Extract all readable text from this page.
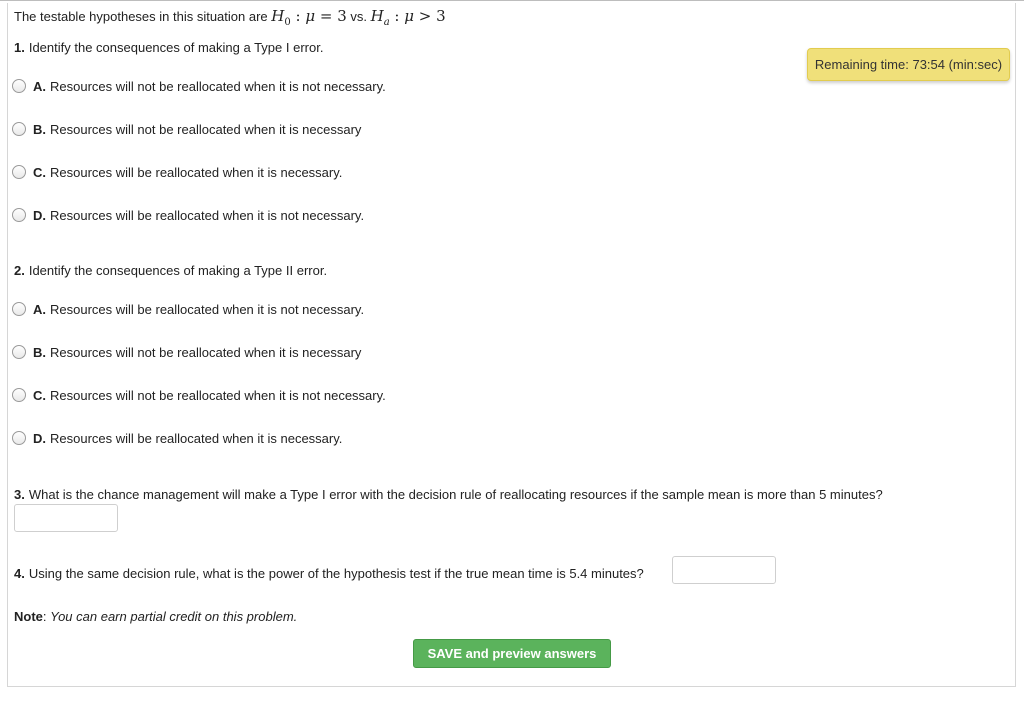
The testable hypotheses in this situation are $H_0$ : μ = 3 vs. $H_a$ : μ > 3
Remaining time: 73:54 (min:sec)
1. Identify the consequences of making a Type I error.
A. Resources will not be reallocated when it is not necessary.
B. Resources will not be reallocated when it is necessary
C. Resources will be reallocated when it is necessary.
D. Resources will be reallocated when it is not necessary.
2. Identify the consequences of making a Type II error.
A. Resources will be reallocated when it is not necessary.
B. Resources will not be reallocated when it is necessary
C. Resources will not be reallocated when it is not necessary.
D. Resources will be reallocated when it is necessary.
3. What is the chance management will make a Type I error with the decision rule of reallocating resources if the sample mean is more than 5 minutes?
4. Using the same decision rule, what is the power of the hypothesis test if the true mean time is 5.4 minutes?
Note: You can earn partial credit on this problem.
SAVE and preview answers
